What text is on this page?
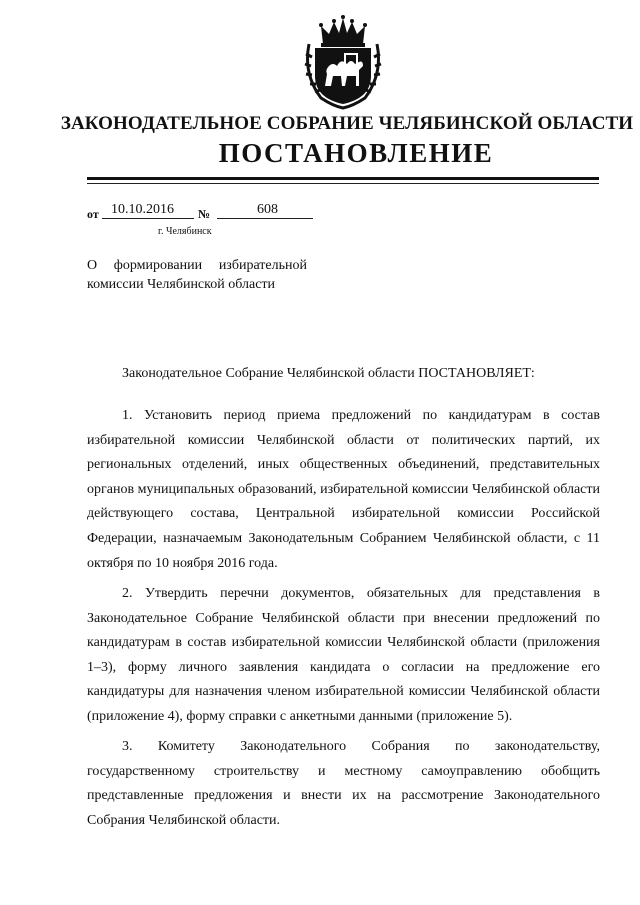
ЗАКОНОДАТЕЛЬНОЕ СОБРАНИЕ ЧЕЛЯБИНСКОЙ ОБЛАСТИ
ПОСТАНОВЛЕНИЕ
от 10.10.2016 №	608
г. Челябинск
О формировании избирательной
комиссии Челябинской области
Законодательное Собрание Челябинской области ПОСТАНОВЛЯЕТ:

1. Установить период приема предложений по кандидатурам в состав избирательной комиссии Челябинской области от политических партий, их региональных отделений, иных общественных объединений, представительных органов муниципальных образований, избирательной комиссии Челябинской области действующего состава, Центральной избирательной комиссии Российской Федерации, назначаемым Законодательным Собранием Челябинской области, с 11 октября по 10 ноября 2016 года.

2. Утвердить перечни документов, обязательных для представления в Законодательное Собрание Челябинской области при внесении предложений по кандидатурам в состав избирательной комиссии Челябинской области (приложения 1–3), форму личного заявления кандидата о согласии на предложение его кандидатуры для назначения членом избирательной комиссии Челябинской области (приложение 4), форму справки с анкетными данными (приложение 5).

3. Комитету Законодательного Собрания по законодательству, государственному строительству и местному самоуправлению обобщить представленные предложения и внести их на рассмотрение Законодательного Собрания Челябинской области.
